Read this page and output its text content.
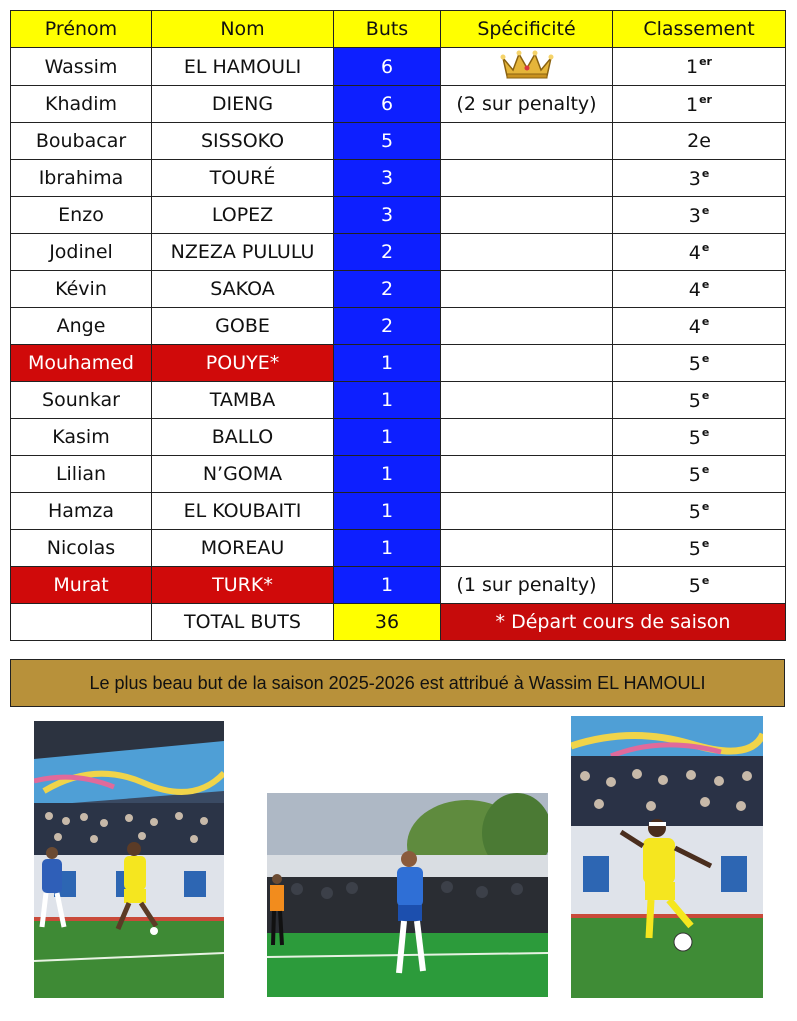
Prénom	Nom	Buts	Spécificité	Classement
Wassim	EL HAMOULI	6		1er
Khadim	DIENG	6	(2 sur penalty)	1er
Boubacar	SISSOKO	5		2e
Ibrahima	TOURÉ	3		3e
Enzo	LOPEZ	3		3e
Jodinel	NZEZA PULULU	2		4e
Kévin	SAKOA	2		4e
Ange	GOBE	2		4e
Mouhamed	POUYE*	1		5e
Sounkar	TAMBA	1		5e
Kasim	BALLO	1		5e
Lilian	N’GOMA	1		5e
Hamza	EL KOUBAITI	1		5e
Nicolas	MOREAU	1		5e
Murat	TURK*	1	(1 sur penalty)	5e
	TOTAL BUTS	36	* Départ cours de saison	
Le plus beau but de la saison 2025-2026 est attribué à Wassim EL HAMOULI
